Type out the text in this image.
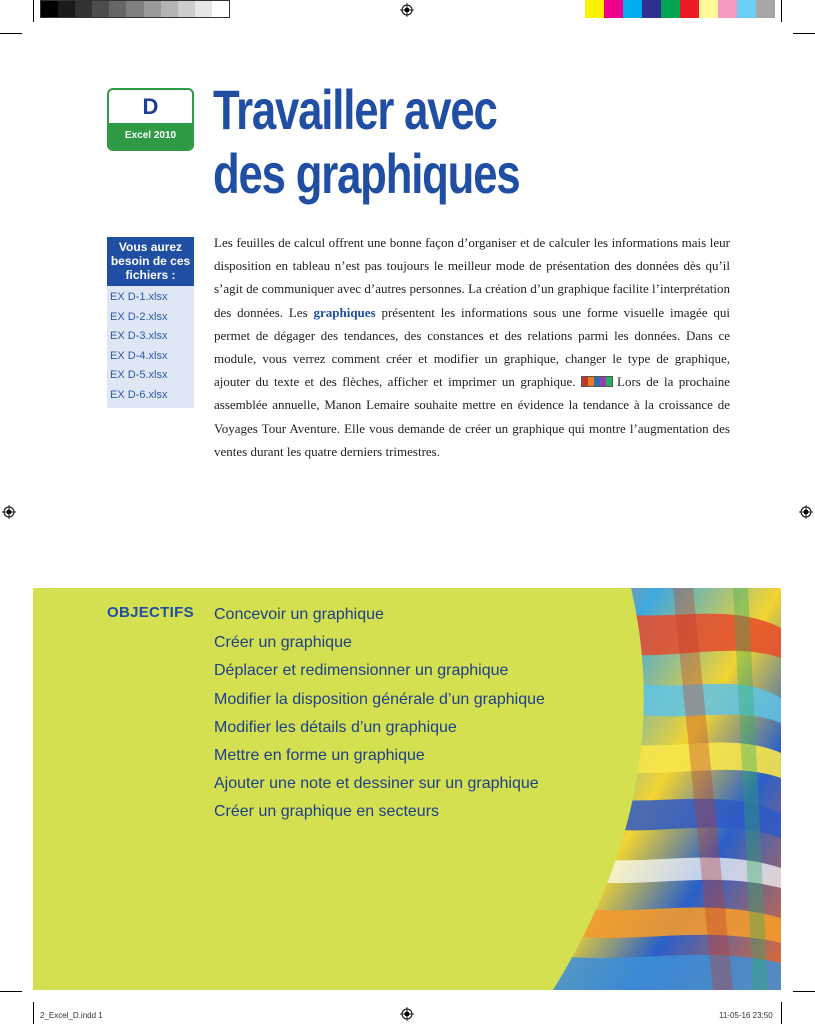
D
Excel 2010 Travailler avec
des graphiques
Vous aurez besoin de ces fichiers :
EX D-1.xlsx
EX D-2.xlsx
EX D-3.xlsx
EX D-4.xlsx
EX D-5.xlsx
EX D-6.xlsx
Les feuilles de calcul offrent une bonne façon d’organiser et de calculer les informations mais leur disposition en tableau n’est pas toujours le meilleur mode de présentation des données dès qu’il s’agit de communiquer avec d’autres personnes. La création d’un graphique facilite l’interprétation des données. Les graphiques présentent les informations sous une forme visuelle imagée qui permet de dégager des tendances, des constances et des relations parmi les données. Dans ce module, vous verrez comment créer et modifier un graphique, changer le type de graphique, ajouter du texte et des flèches, afficher et imprimer un graphique.	Lors de la prochaine assemblée annuelle, Manon Lemaire souhaite mettre en évidence la tendance à la croissance de Voyages Tour Aventure. Elle vous demande de créer un graphique qui montre l’augmentation des ventes durant les quatre derniers trimestres.
OBJECTIFS Concevoir un graphique
Créer un graphique
Déplacer et redimensionner un graphique
Modifier la disposition générale d’un graphique
Modifier les détails d’un graphique
Mettre en forme un graphique
Ajouter une note et dessiner sur un graphique
Créer un graphique en secteurs
2_Excel_D.indd 1	11-05-16 23:50
